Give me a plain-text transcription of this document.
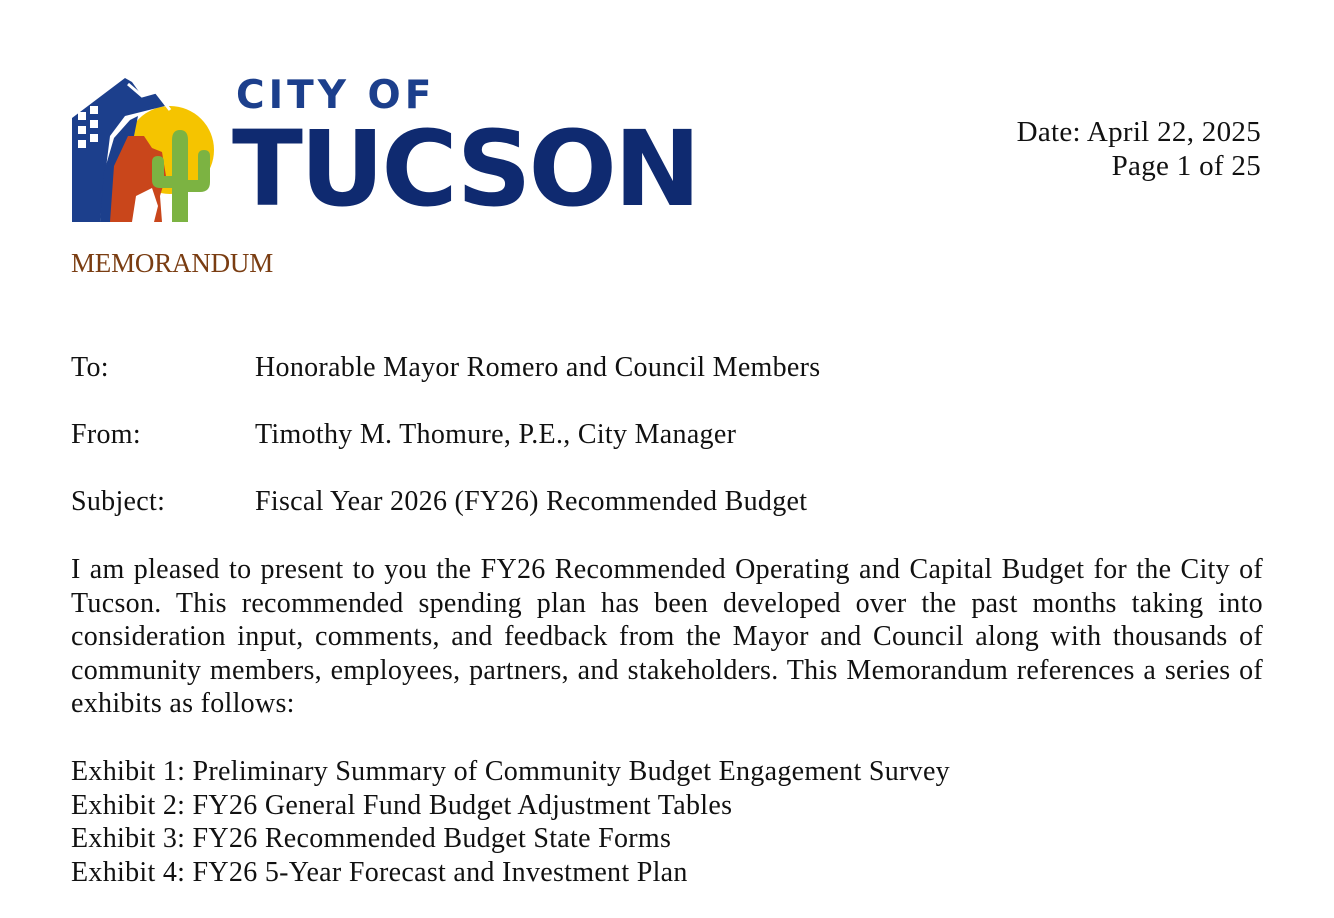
CITY OF
TUCSON	Date: April 22, 2025
Page 1 of 25
MEMORANDUM
To:	Honorable Mayor Romero and Council Members
From:	Timothy M. Thomure, P.E., City Manager
Subject:	Fiscal Year 2026 (FY26) Recommended Budget

I am pleased to present to you the FY26 Recommended Operating and Capital Budget for the City of Tucson. This recommended spending plan has been developed over the past months taking into consideration input, comments, and feedback from the Mayor and Council along with thousands of community members, employees, partners, and stakeholders. This Memorandum references a series of exhibits as follows:

Exhibit 1: Preliminary Summary of Community Budget Engagement Survey
Exhibit 2: FY26 General Fund Budget Adjustment Tables
Exhibit 3: FY26 Recommended Budget State Forms
Exhibit 4: FY26 5-Year Forecast and Investment Plan
